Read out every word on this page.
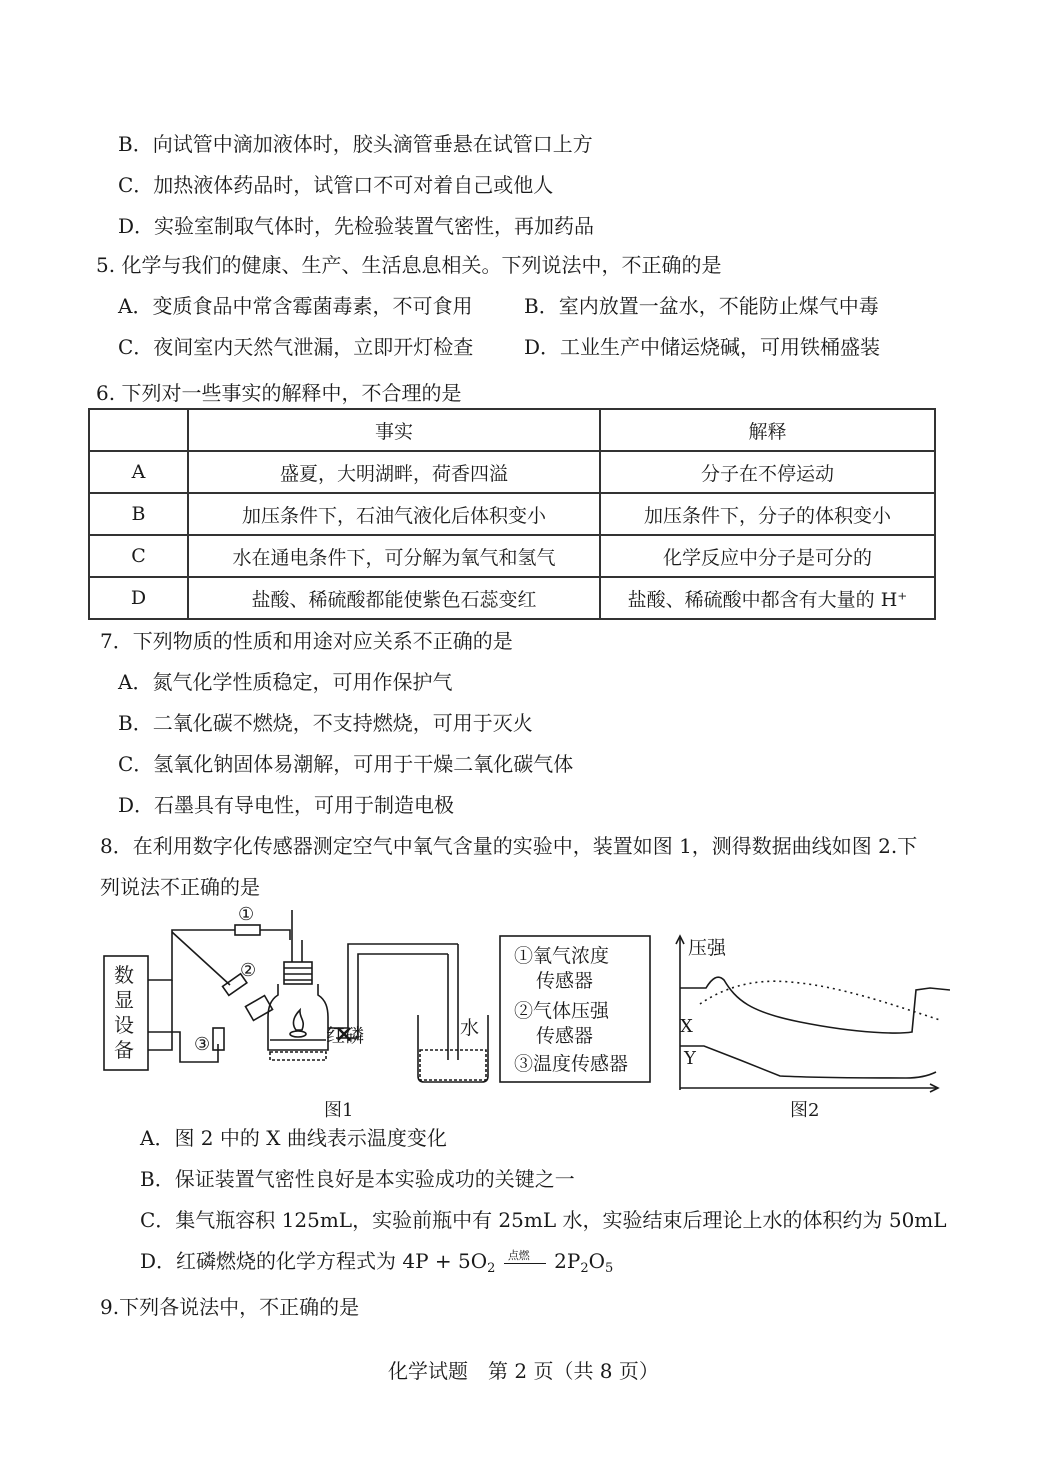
B．向试管中滴加液体时，胶头滴管垂悬在试管口上方
C．加热液体药品时，试管口不可对着自己或他人
D．实验室制取气体时，先检验装置气密性，再加药品
5. 化学与我们的健康、生产、生活息息相关。下列说法中，不正确的是
A．变质食品中常含霉菌毒素，不可食用	B．室内放置一盆水，不能防止煤气中毒
C．夜间室内天然气泄漏，立即开灯检查	D．工业生产中储运烧碱，可用铁桶盛装
6. 下列对一些事实的解释中，不合理的是
	事实	解释
A	盛夏，大明湖畔，荷香四溢	分子在不停运动
B	加压条件下，石油气液化后体积变小	加压条件下，分子的体积变小
C	水在通电条件下，可分解为氧气和氢气	化学反应中分子是可分的
D	盐酸、稀硫酸都能使紫色石蕊变红	盐酸、稀硫酸中都含有大量的 H⁺
7．下列物质的性质和用途对应关系不正确的是
A．氮气化学性质稳定，可用作保护气
B．二氧化碳不燃烧，不支持燃烧，可用于灭火
C．氢氧化钠固体易潮解，可用于干燥二氧化碳气体
D．石墨具有导电性，可用于制造电极
8．在利用数字化传感器测定空气中氧气含量的实验中，装置如图 1，测得数据曲线如图 2.下
列说法不正确的是
数
显
设
备
①
②
③	红磷	水
①氧气浓度
传感器
②气体压强
传感器
③温度传感器
图1
压强
X
Y
图2
A．图 2 中的 X 曲线表示温度变化
B．保证装置气密性良好是本实验成功的关键之一
C．集气瓶容积 125mL，实验前瓶中有 25mL 水，实验结束后理论上水的体积约为 50mL
D．红磷燃烧的化学方程式为 $4P + 5O_2$
点燃 $2P_2O_5$
9.下列各说法中，不正确的是
化学试题　第 2 页（共 8 页）
